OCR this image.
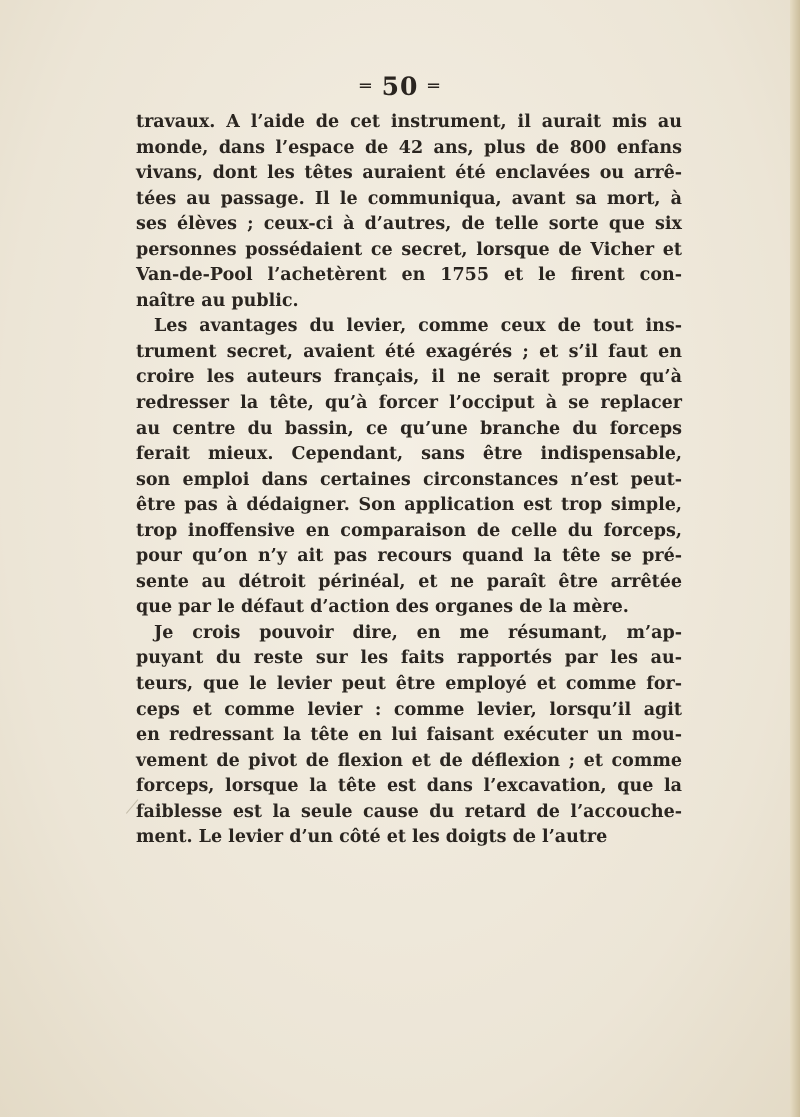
═ 50 ═
travaux. A l’aide de cet instrument, il aurait mis au
monde, dans l’espace de 42 ans, plus de 800 enfans
vivans, dont les têtes auraient été enclavées ou arrê-
tées au passage. Il le communiqua, avant sa mort, à
ses élèves ; ceux-ci à d’autres, de telle sorte que six
personnes possédaient ce secret, lorsque de Vicher et
Van-de-Pool l’achetèrent en 1755 et le firent con-
naître au public.
Les avantages du levier, comme ceux de tout ins-
trument secret, avaient été exagérés ; et s’il faut en
croire les auteurs français, il ne serait propre qu’à
redresser la tête, qu’à forcer l’occiput à se replacer
au centre du bassin, ce qu’une branche du forceps
ferait mieux. Cependant, sans être indispensable,
son emploi dans certaines circonstances n’est peut-
être pas à dédaigner. Son application est trop simple,
trop inoffensive en comparaison de celle du forceps,
pour qu’on n’y ait pas recours quand la tête se pré-
sente au détroit périnéal, et ne paraît être arrêtée
que par le défaut d’action des organes de la mère.
Je crois pouvoir dire, en me résumant, m’ap-
puyant du reste sur les faits rapportés par les au-
teurs, que le levier peut être employé et comme for-
ceps et comme levier : comme levier, lorsqu’il agit
en redressant la tête en lui faisant exécuter un mou-
vement de pivot de flexion et de déflexion ; et comme
forceps, lorsque la tête est dans l’excavation, que la
faiblesse est la seule cause du retard de l’accouche-
ment. Le levier d’un côté et les doigts de l’autre
